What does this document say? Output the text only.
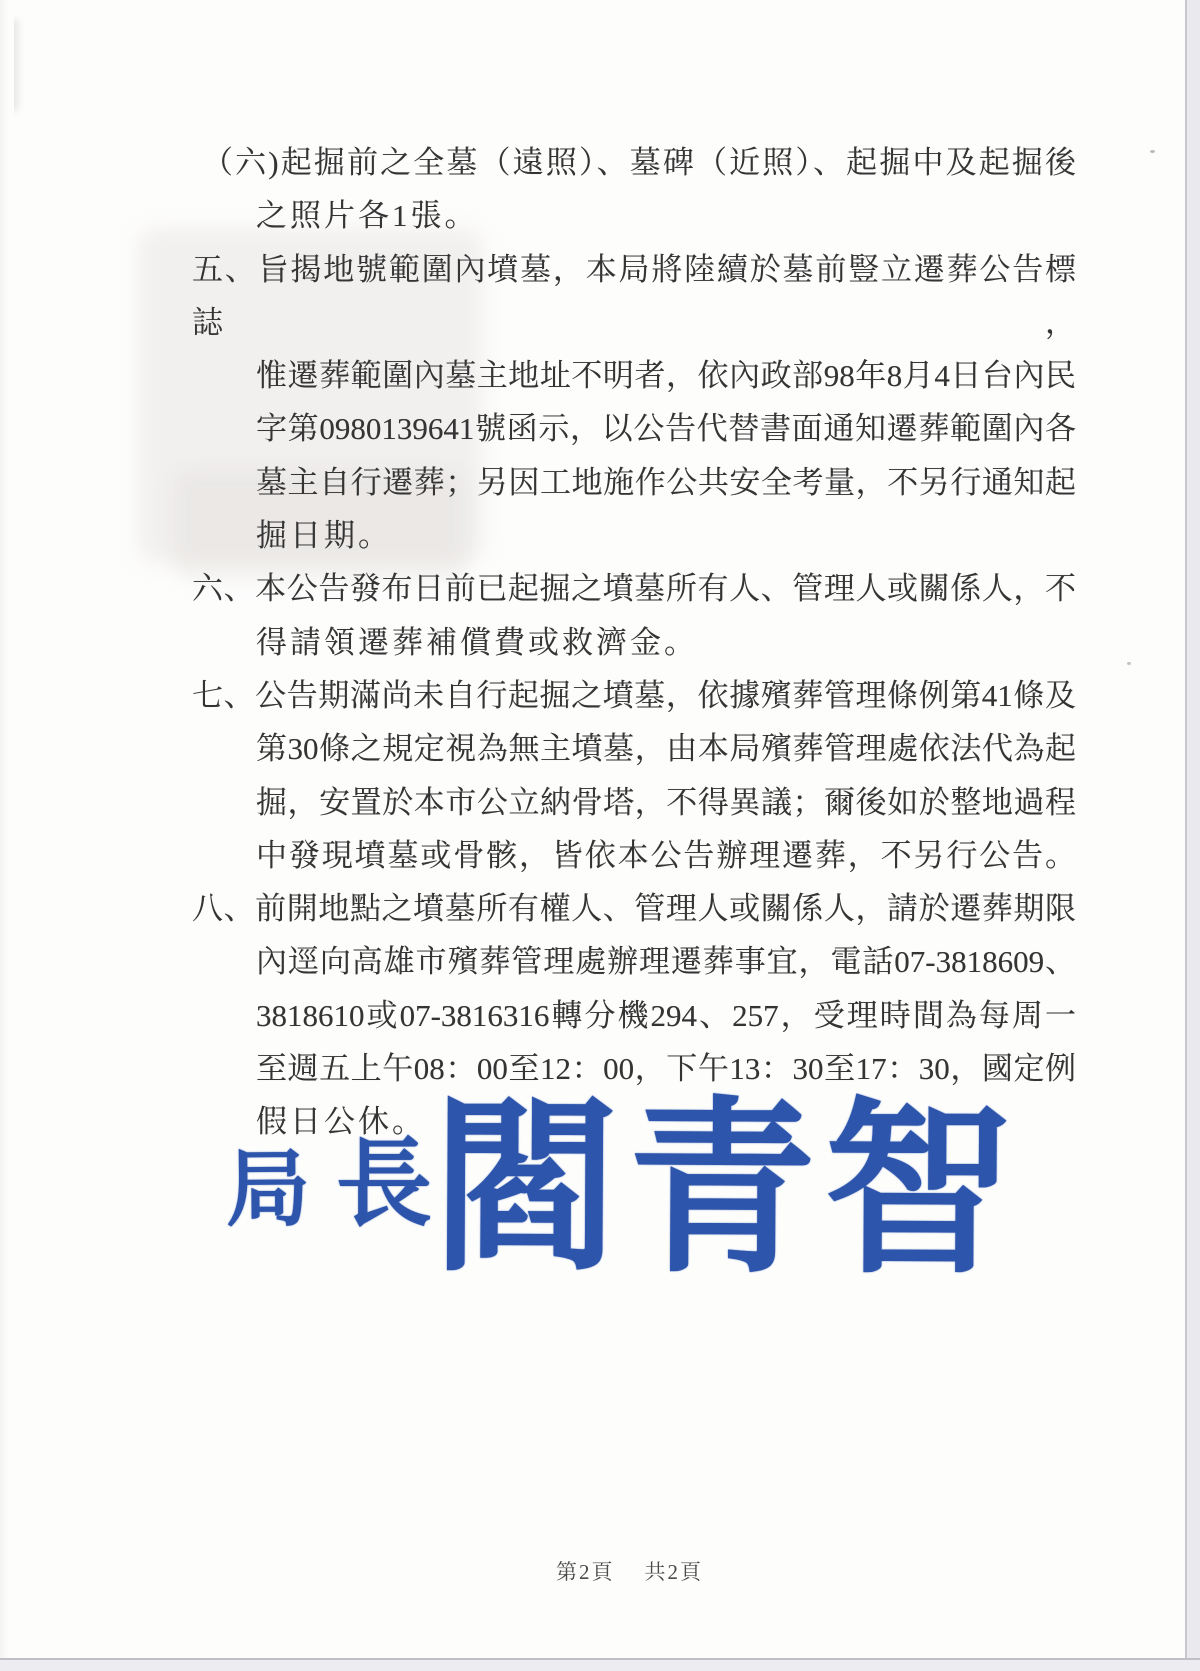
（六)起掘前之全墓（遠照）、墓碑（近照）、起掘中及起掘後
之照片各1張。
五、旨揭地號範圍內墳墓，本局將陸續於墓前豎立遷葬公告標誌，
惟遷葬範圍內墓主地址不明者，依內政部98年8月4日台內民
字第0980139641號函示，以公告代替書面通知遷葬範圍內各
墓主自行遷葬；另因工地施作公共安全考量，不另行通知起
掘日期。
六、本公告發布日前已起掘之墳墓所有人、管理人或關係人，不
得請領遷葬補償費或救濟金。
七、公告期滿尚未自行起掘之墳墓，依據殯葬管理條例第41條及
第30條之規定視為無主墳墓，由本局殯葬管理處依法代為起
掘，安置於本市公立納骨塔，不得異議；爾後如於整地過程
中發現墳墓或骨骸，皆依本公告辦理遷葬，不另行公告。
八、前開地點之墳墓所有權人、管理人或關係人，請於遷葬期限
內逕向高雄市殯葬管理處辦理遷葬事宜，電話07-3818609、
3818610或07-3816316轉分機294、257，受理時間為每周一
至週五上午08：00至12：00，下午13：30至17：30，國定例
假日公休。
局 長 閻青智
第2頁 共2頁
